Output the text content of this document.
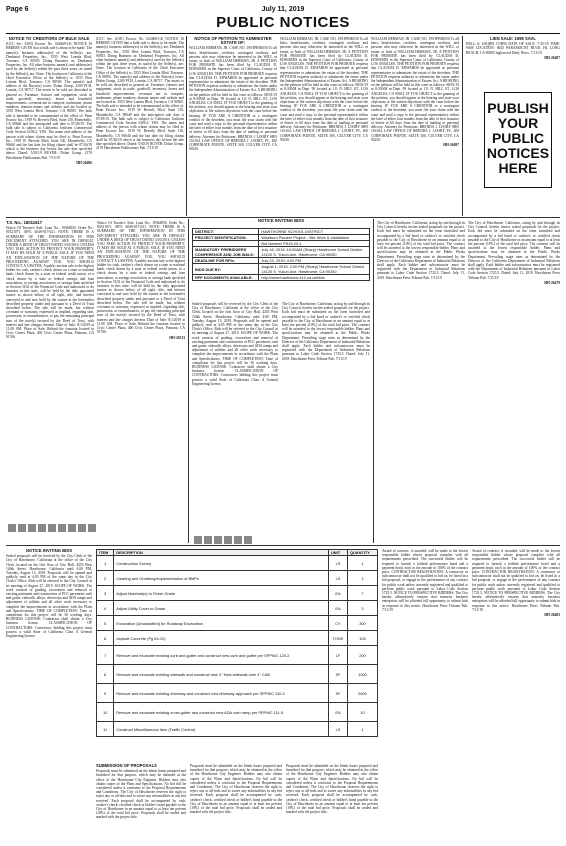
Page 6	July 11, 2019
PUBLIC NOTICES
NOTICE TO CREDITORS OF BULK SALE

(UCC Sec. 6105) Escrow No. 022669-LK NOTICE IS HEREBY GIVEN that a bulk sale is about to be made. The name(s), business address(es) of the Seller(s), are: Denkenaf Properties, Inc., 3555 West Lomita Blvd, Torrance, CA 90505. Doing Business as: Denkenaf Properties, Inc. All other business name(s) and address(es) used by the Seller(s) within the past three years, as stated by the Seller(s), are: None. The location in California of the Chief Executive Office of the Seller(s) is: 3555 West Lomita Blvd, Torrance, CA 90505. The name(s) and address of the Buyer(s) is/are: Dolan Group, 2200 PCH, Lomita, CA 90717. The assets to be sold are described in general as: Furniture, fixtures and equipment, stock in trade, goodwill, inventory, leases and leasehold improvements, covenant not to compete, tradename, phone numbers, domain names and website and are located at: 3555 West Lomita Blvd, Torrance, CA 90505. The bulk sale is intended to be consummated at the office of: Penn Escrow Inc., 1919 W. Beverly Blvd, Suite 130, Montebello, CA 90640 and the anticipated sale date is 07/29/19. The bulk sale is subject to California Uniform Commercial Code Section 6106.2. YES. The name and address of the person with whom claims may be filed is: Penn Escrow Inc., 1919 W. Beverly Blvd, Suite 130, Montebello, CA 90640 and the last date for filing claims shall be 07/26/19 which is the business day before the sale date specified above. Dated: 5/30/19 BUYER: Dolan Group. 2170 Hawthorne Publications Pub. 7/11/19

HH-26486

(UCC Sec. 6105) Escrow No. 022669-LK NOTICE IS HEREBY GIVEN that a bulk sale is about to be made. The name(s), business address(es) of the Seller(s), are: Denkenaf Properties, Inc., 3555 West Lomita Blvd, Torrance, CA 90505. Doing Business as: Denkenaf Properties, Inc. All other business name(s) and address(es) used by the Seller(s) within the past three years, as stated by the Seller(s), are: None. The location in California of the Chief Executive Office of the Seller(s) is: 3555 West Lomita Blvd, Torrance, CA 90505. The name(s) and address of the Buyer(s) is/are: Dolan Group, 2200 PCH, Lomita, CA 90717. The assets to be sold are described in general as: Furniture, fixtures and equipment, stock in trade, goodwill, inventory, leases and leasehold improvements, covenant not to compete, tradename, phone numbers, domain names and website and are located at: 3555 West Lomita Blvd, Torrance, CA 90505. The bulk sale is intended to be consummated at the office of: Penn Escrow Inc., 1919 W. Beverly Blvd, Suite 130, Montebello, CA 90640 and the anticipated sale date is 07/29/19. The bulk sale is subject to California Uniform Commercial Code Section 6106.2. YES. The name and address of the person with whom claims may be filed is: Penn Escrow Inc., 1919 W. Beverly Blvd, Suite 130, Montebello, CA 90640 and the last date for filing claims shall be 07/26/19 which is the business day before the sale date specified above. Dated: 5/30/19 BUYER: Dolan Group. 2170 Hawthorne Publications Pub. 7/11/19

NOTICE OF PETITION TO ADMINISTER ESTATE OF:

WILLIAM HERMAN, JR. CASE NO. 19STPB06550 To all heirs, beneficiaries, creditors, contingent creditors, and persons who may otherwise be interested in the WILL or estate, or both of WILLIAM HERMAN, JR. A PETITION FOR PROBATE has been filed by CLAUDIA D. EDWARDS in the Superior Court of California, County of LOS ANGELES. THE PETITION FOR PROBATE requests that CLAUDIA D. EDWARDS be appointed as personal representative to administer the estate of the decedent. THE PETITION requests authority to administer the estate under the Independent Administration of Estates Act. A HEARING on the petition will be held in this court as follows: 08/01/19 at 8:30AM in Dept. 99 located at 111 N. HILL ST., LOS ANGELES, CA 90012. IF YOU OBJECT to the granting of the petition, you should appear at the hearing and state your objections or file written objections with the court before the hearing. IF YOU ARE A CREDITOR or a contingent creditor of the decedent, you must file your claim with the court and mail a copy to the personal representative within the later of either four months from the date of first issuance of letters or 60 days from the date of mailing or personal delivery. Attorney for Petitioner: BRENDA J. LOOBY SBN 116104, LAW OFFICE OF BRENDA J. LOOBY, PC, 400 CORPORATE POINTE, SUITE 300, CULVER CITY, CA 90230.

WILLIAM HERMAN, JR. CASE NO. 19STPB06550 To all heirs, beneficiaries, creditors, contingent creditors, and persons who may otherwise be interested in the WILL or estate, or both of WILLIAM HERMAN, JR. A PETITION FOR PROBATE has been filed by CLAUDIA D. EDWARDS in the Superior Court of California, County of LOS ANGELES. THE PETITION FOR PROBATE requests that CLAUDIA D. EDWARDS be appointed as personal representative to administer the estate of the decedent. THE PETITION requests authority to administer the estate under the Independent Administration of Estates Act. A HEARING on the petition will be held in this court as follows: 08/01/19 at 8:30AM in Dept. 99 located at 111 N. HILL ST., LOS ANGELES, CA 90012. IF YOU OBJECT to the granting of the petition, you should appear at the hearing and state your objections or file written objections with the court before the hearing. IF YOU ARE A CREDITOR or a contingent creditor of the decedent, you must file your claim with the court and mail a copy to the personal representative within the later of either four months from the date of first issuance of letters or 60 days from the date of mailing or personal delivery. Attorney for Petitioner: BRENDA J. LOOBY SBN 116104, LAW OFFICE OF BRENDA J. LOOBY, PC, 400 CORPORATE POINTE, SUITE 300, CULVER CITY, CA 90230.

WILLIAM HERMAN, JR. CASE NO. 19STPB06550 To all heirs, beneficiaries, creditors, contingent creditors, and persons who may otherwise be interested in the WILL or estate, or both of WILLIAM HERMAN, JR. A PETITION FOR PROBATE has been filed by CLAUDIA D. EDWARDS in the Superior Court of California, County of LOS ANGELES. THE PETITION FOR PROBATE requests that CLAUDIA D. EDWARDS be appointed as personal representative to administer the estate of the decedent. THE PETITION requests authority to administer the estate under the Independent Administration of Estates Act. A HEARING on the petition will be held in this court as follows: 08/01/19 at 8:30AM in Dept. 99 located at 111 N. HILL ST., LOS ANGELES, CA 90012. IF YOU OBJECT to the granting of the petition, you should appear at the hearing and state your objections or file written objections with the court before the hearing. IF YOU ARE A CREDITOR or a contingent creditor of the decedent, you must file your claim with the court and mail a copy to the personal representative within the later of either four months from the date of first issuance of letters or 60 days from the date of mailing or personal delivery. Attorney for Petitioner: BRENDA J. LOOBY SBN 116104, LAW OFFICE OF BRENDA J. LOOBY, PC, 400 CORPORATE POINTE, SUITE 300, CULVER CITY, CA 90230.

HH-26497
LIEN SALE: 1995 SAVL

HULL #: USQHH COR95 DATE OF SALE: 7-25-19 TIME: 9AM LOCATION: 8025 PARAMOUNT BLVD. HL LONG BEACH, CA 90805 Inglewood Daily News: 7/11/19

HH-26487
PUBLISH
YOUR
PUBLIC
NOTICES
HERE
T.S. No.: 18011617

Notice Of Trustee's Sale. Loan No.: 19364850. Order No.: 95521071. APN: 4049-017-021. NOTE: THERE IS A SUMMARY OF THE INFORMATION IN THIS DOCUMENT ATTACHED. YOU ARE IN DEFAULT UNDER A DEED OF TRUST DATED 3/10/2016. UNLESS YOU TAKE ACTION TO PROTECT YOUR PROPERTY, IT MAY BE SOLD AT A PUBLIC SALE. IF YOU NEED AN EXPLANATION OF THE NATURE OF THE PROCEEDING AGAINST YOU, YOU SHOULD CONTACT A LAWYER. A public auction sale to the highest bidder for cash, cashier's check drawn on a state or national bank, check drawn by a state or federal credit union, or a check drawn by a state or federal savings and loan association, or savings association, or savings bank specified in Section 5102 of the Financial Code and authorized to do business in this state, will be held by the duly appointed trustee as shown below, of all right, title, and interest conveyed to and now held by the trustee in the hereinafter described property under and pursuant to a Deed of Trust described below. The sale will be made, but without covenant or warranty, expressed or implied, regarding title, possession, or encumbrances, to pay the remaining principal sum of the note(s) secured by the Deed of Trust, with interest and late charges thereon. Date of Sale: 8/1/2019 at 11:00 AM. Place of Sale: Behind the fountain located in Civic Center Plaza, 400 Civic Center Plaza, Pomona, CA 91766.

Notice Of Trustee's Sale. Loan No.: 19364850. Order No.: 95521071. APN: 4049-017-021. NOTE: THERE IS A SUMMARY OF THE INFORMATION IN THIS DOCUMENT ATTACHED. YOU ARE IN DEFAULT UNDER A DEED OF TRUST DATED 3/10/2016. UNLESS YOU TAKE ACTION TO PROTECT YOUR PROPERTY, IT MAY BE SOLD AT A PUBLIC SALE. IF YOU NEED AN EXPLANATION OF THE NATURE OF THE PROCEEDING AGAINST YOU, YOU SHOULD CONTACT A LAWYER. A public auction sale to the highest bidder for cash, cashier's check drawn on a state or national bank, check drawn by a state or federal credit union, or a check drawn by a state or federal savings and loan association, or savings association, or savings bank specified in Section 5102 of the Financial Code and authorized to do business in this state, will be held by the duly appointed trustee as shown below, of all right, title, and interest conveyed to and now held by the trustee in the hereinafter described property under and pursuant to a Deed of Trust described below. The sale will be made, but without covenant or warranty, expressed or implied, regarding title, possession, or encumbrances, to pay the remaining principal sum of the note(s) secured by the Deed of Trust, with interest and late charges thereon. Date of Sale: 8/1/2019 at 11:00 AM. Place of Sale: Behind the fountain located in Civic Center Plaza, 400 Civic Center Plaza, Pomona, CA 91766.

HH-26513
NOTICE INVITING BIDS
DISTRICT:	HAWTHORNE SCHOOL DISTRICT
PROJECT IDENTIFICATION:	Wiseburn Pioneer Project - Site Work & Installation
	Bid Number PS19-20-1
MANDATORY PREBIDDERS CONFERENCE AND JOB WALK:	July 18, 2019; 10:00AM (Sharp) Hawthorne School District 14120 S. Yukon Ave. Hawthorne, CA 90250
DEADLINE FOR RFIs:	July 23, 2019; 4:00 PM
BIDS DUE BY:	August 1, 2019; 2:00 PM (Sharp) Hawthorne School District 14120 S. Yukon Ave. Hawthorne, CA 90250
RFP DOCUMENTS AVAILABLE:	http://www.hawthorne.k12.ca.us/bids

Sealed proposals will be received by the City Clerk of the City of Hawthorne, California at the office of the City Clerk, located on the first floor of City Hall, 4455 West 126th Street, Hawthorne, California until 4:00 PM, Tuesday, August 13, 2019. Proposals will be opened and publicly read at 4:05 PM of the same day in the City Clerk's Office. Bids will be referred to the City Council at its meeting of August 27, 2019. SCOPE OF WORK: The work consists of grading, excavation and removal of existing pavement and construction of PCC pavement, curb and gutter, sidewalk, alleys, driveways and ADA ramps and adjustment of utilities and all other work necessary to complete the improvements in accordance with the Plans and Specifications. TIME OF COMPLETION: Time of completion for this project will be 30 working days. BUSINESS LICENSE: Contractor shall obtain a City business license. CLASSIFICATION OF CONTRACTORS: Contractors bidding this project must possess a valid State of California Class A General Engineering license.

The City of Hawthorne, California, acting by and through its City Council, hereby invites sealed proposals for the project. Each bid must be submitted on the form furnished and accompanied by a bid bond or cashier's or certified check payable to the City of Hawthorne in an amount equal to at least ten percent (10%) of the total bid price. The contract will be awarded to the lowest responsible bidder. Plans and specifications may be obtained at the Public Works Department. Prevailing wage rates as determined by the Director of the California Department of Industrial Relations shall apply. Each bidder and subcontractor must be registered with the Department of Industrial Relations pursuant to Labor Code Section 1725.5. Dated: July 11, 2019. Hawthorne Press Tribune Pub. 7/11/19

The City of Hawthorne, California, acting by and through its City Council, hereby invites sealed proposals for the project. Each bid must be submitted on the form furnished and accompanied by a bid bond or cashier's or certified check payable to the City of Hawthorne in an amount equal to at least ten percent (10%) of the total bid price. The contract will be awarded to the lowest responsible bidder. Plans and specifications may be obtained at the Public Works Department. Prevailing wage rates as determined by the Director of the California Department of Industrial Relations shall apply. Each bidder and subcontractor must be registered with the Department of Industrial Relations pursuant to Labor Code Section 1725.5. Dated: July 11, 2019. Hawthorne Press Tribune Pub. 7/11/19

The City of Hawthorne, California, acting by and through its City Council, hereby invites sealed proposals for the project. Each bid must be submitted on the form furnished and accompanied by a bid bond or cashier's or certified check payable to the City of Hawthorne in an amount equal to at least ten percent (10%) of the total bid price. The contract will be awarded to the lowest responsible bidder. Plans and specifications may be obtained at the Public Works Department. Prevailing wage rates as determined by the Director of the California Department of Industrial Relations shall apply. Each bidder and subcontractor must be registered with the Department of Industrial Relations pursuant to Labor Code Section 1725.5. Dated: July 11, 2019. Hawthorne Press Tribune Pub. 7/11/19

HH-26479
NOTICE INVITING BIDS

Sealed proposals will be received by the City Clerk of the City of Hawthorne, California at the office of the City Clerk, located on the first floor of City Hall, 4455 West 126th Street, Hawthorne, California until 4:00 PM, Tuesday, August 13, 2019. Proposals will be opened and publicly read at 4:05 PM of the same day in the City Clerk's Office. Bids will be referred to the City Council at its meeting of August 27, 2019. SCOPE OF WORK: The work consists of grading, excavation and removal of existing pavement and construction of PCC pavement, curb and gutter, sidewalk, alleys, driveways and ADA ramps and adjustment of utilities and all other work necessary to complete the improvements in accordance with the Plans and Specifications. TIME OF COMPLETION: Time of completion for this project will be 30 working days. BUSINESS LICENSE: Contractor shall obtain a City business license. CLASSIFICATION OF CONTRACTORS: Contractors bidding this project must possess a valid State of California Class A General Engineering license.

ITEM	DESCRIPTION	UNIT	QUANTITY
1	Construction Survey	LS	1
2	Clearing and Grubbing/Implementation of BMPs	LS	1
3	Adjust Manhole(s) to Finish Grade	EA	7
4	Adjust Utility Cover to Grade	EA	3
5	Excavation (Unclassified) for Roadway Excavation	CY	300
6	Asphalt Concrete (Pg 64-10)	TONS	103
7	Remove and excavate existing curb and gutter and construct new curb and gutter per SPPWC 120-2	LF	200
8	Remove and excavate existing sidewalk and construct new 4" thick sidewalk over 4" CAB	SF	1000
9	Remove and excavate existing driveway and construct new driveway approach per SPPWC 110-2	SF	2600
10	Remove and excavate existing cross gutter and construct new ADA curb ramp per SPPWC 111-5	EA	10
11	Construct Miscellaneous Item (Traffic Control)	LS	1
SUBMISSION OF PROPOSALS

Proposals must be submitted on the blank forms prepared and furnished for that purpose, which may be obtained at the office of the Hawthorne City Engineer. Bidders may also obtain copies of the Plans and Specifications. No bid will be considered unless it conforms to the Proposal Requirements and Conditions. The City of Hawthorne reserves the right to reject any or all bids and to waive any informalities in any bid received. Each proposal shall be accompanied by cash, cashier's check, certified check or bidder's bond payable to the City of Hawthorne in an amount equal to at least ten percent (10%) of the total bid price. Proposals shall be sealed and marked with the project title.

Proposals must be submitted on the blank forms prepared and furnished for that purpose, which may be obtained at the office of the Hawthorne City Engineer. Bidders may also obtain copies of the Plans and Specifications. No bid will be considered unless it conforms to the Proposal Requirements and Conditions. The City of Hawthorne reserves the right to reject any or all bids and to waive any informalities in any bid received. Each proposal shall be accompanied by cash, cashier's check, certified check or bidder's bond payable to the City of Hawthorne in an amount equal to at least ten percent (10%) of the total bid price. Proposals shall be sealed and marked with the project title.

Proposals must be submitted on the blank forms prepared and furnished for that purpose, which may be obtained at the office of the Hawthorne City Engineer. Bidders may also obtain copies of the Plans and Specifications. No bid will be considered unless it conforms to the Proposal Requirements and Conditions. The City of Hawthorne reserves the right to reject any or all bids and to waive any informalities in any bid received. Each proposal shall be accompanied by cash, cashier's check, certified check or bidder's bond payable to the City of Hawthorne in an amount equal to at least ten percent (10%) of the total bid price. Proposals shall be sealed and marked with the project title.

Award of contract, if awarded, will be made to the lowest responsible bidder whose proposal complies with all requirements prescribed. The successful bidder will be required to furnish a faithful performance bond and a payment bond, each in the amount of 100% of the contract price. CONTRACTOR REGISTRATION: A contractor or subcontractor shall not be qualified to bid on, be listed in a bid proposal, or engage in the performance of any contract for public work unless currently registered and qualified to perform public work pursuant to Labor Code Section 1725.5. NOTICE TO PROSPECTIVE BIDDERS: The City hereby affirmatively ensures that minority business enterprises will be afforded full opportunity to submit bids in response to this notice. Hawthorne Press Tribune Pub. 7/11/19

Award of contract, if awarded, will be made to the lowest responsible bidder whose proposal complies with all requirements prescribed. The successful bidder will be required to furnish a faithful performance bond and a payment bond, each in the amount of 100% of the contract price. CONTRACTOR REGISTRATION: A contractor or subcontractor shall not be qualified to bid on, be listed in a bid proposal, or engage in the performance of any contract for public work unless currently registered and qualified to perform public work pursuant to Labor Code Section 1725.5. NOTICE TO PROSPECTIVE BIDDERS: The City hereby affirmatively ensures that minority business enterprises will be afforded full opportunity to submit bids in response to this notice. Hawthorne Press Tribune Pub. 7/11/19

HH-26483
